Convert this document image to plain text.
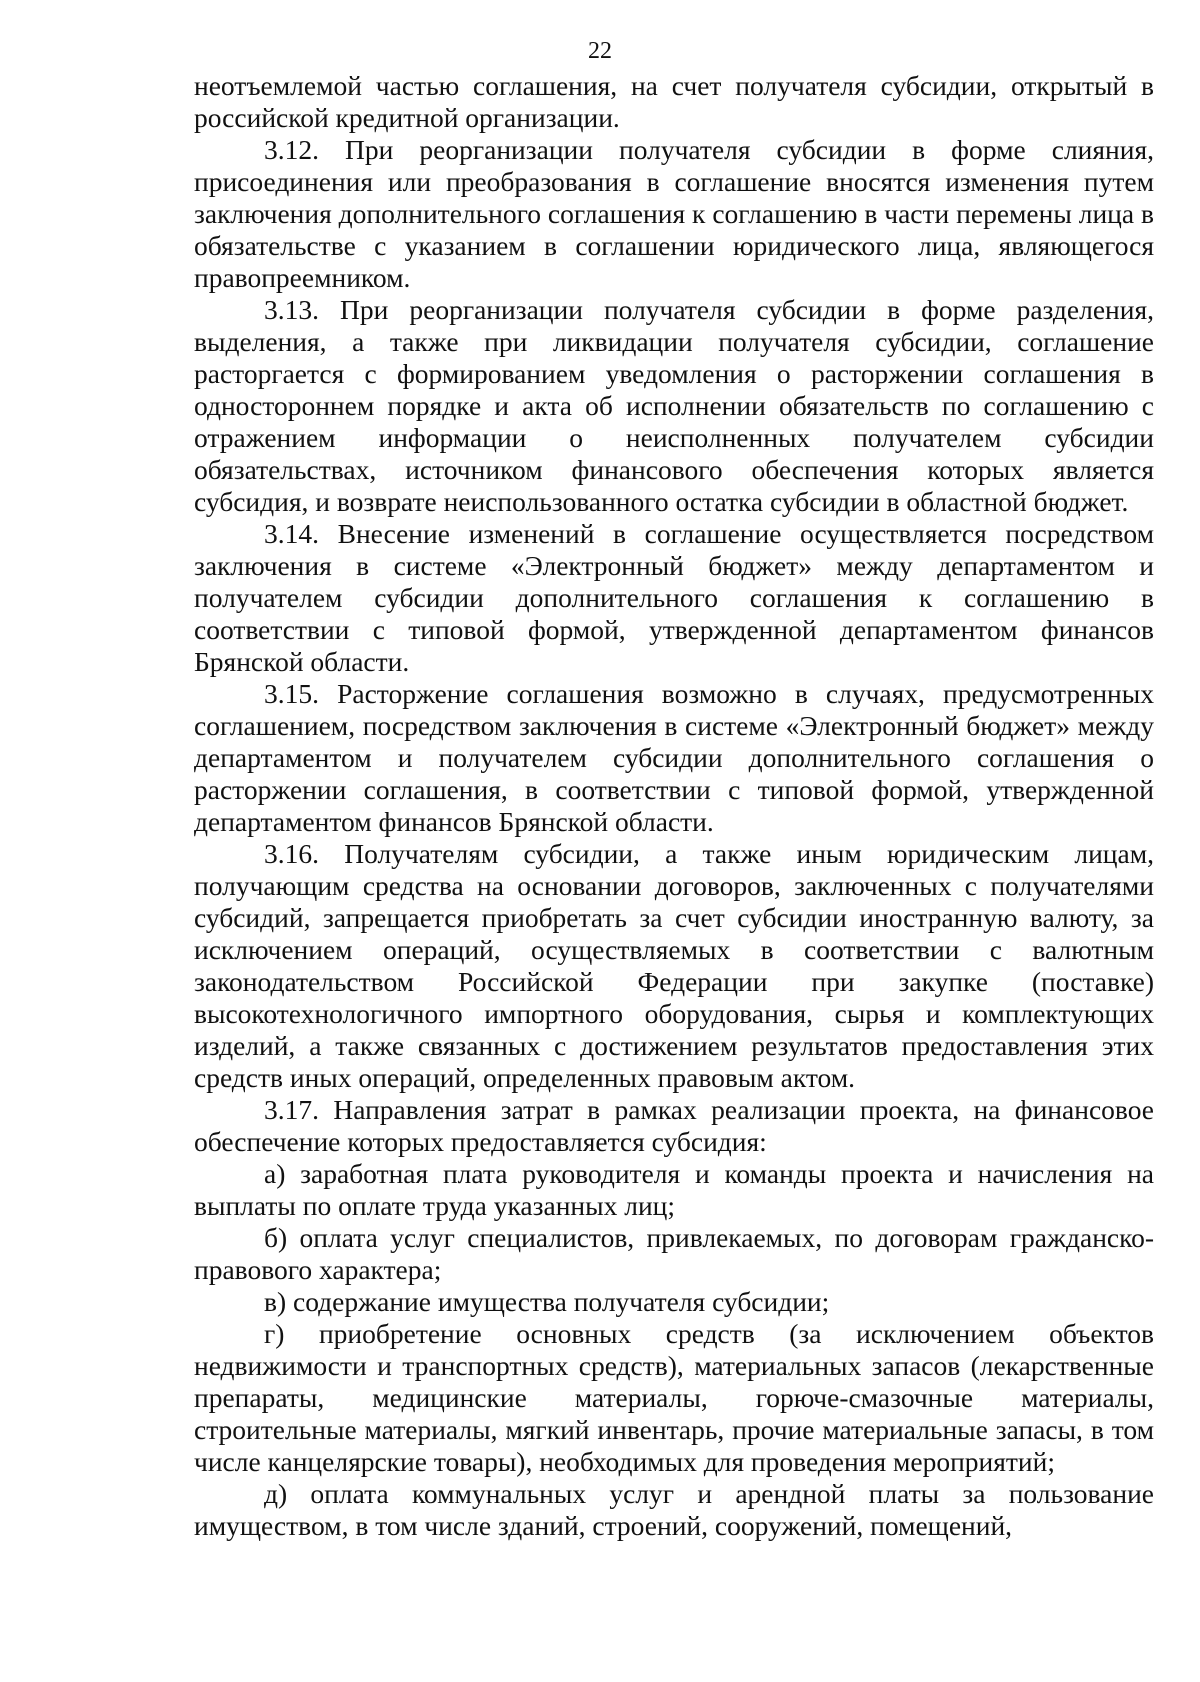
22

неотъемлемой частью соглашения, на счет получателя субсидии, открытый в российской кредитной организации.

3.12. При реорганизации получателя субсидии в форме слияния, присоединения или преобразования в соглашение вносятся изменения путем заключения дополнительного соглашения к соглашению в части перемены лица в обязательстве с указанием в соглашении юридического лица, являющегося правопреемником.

3.13. При реорганизации получателя субсидии в форме разделения, выделения, а также при ликвидации получателя субсидии, соглашение расторгается с формированием уведомления о расторжении соглашения в одностороннем порядке и акта об исполнении обязательств по соглашению с отражением информации о неисполненных получателем субсидии обязательствах, источником финансового обеспечения которых является субсидия, и возврате неиспользованного остатка субсидии в областной бюджет.

3.14. Внесение изменений в соглашение осуществляется посредством заключения в системе «Электронный бюджет» между департаментом и получателем субсидии дополнительного соглашения к соглашению в соответствии с типовой формой, утвержденной департаментом финансов Брянской области.

3.15. Расторжение соглашения возможно в случаях, предусмотренных соглашением, посредством заключения в системе «Электронный бюджет» между департаментом и получателем субсидии дополнительного соглашения о расторжении соглашения, в соответствии с типовой формой, утвержденной департаментом финансов Брянской области.

3.16. Получателям субсидии, а также иным юридическим лицам, получающим средства на основании договоров, заключенных с получателями субсидий, запрещается приобретать за счет субсидии иностранную валюту, за исключением операций, осуществляемых в соответствии с валютным законодательством Российской Федерации при закупке (поставке) высокотехнологичного импортного оборудования, сырья и комплектующих изделий, а также связанных с достижением результатов предоставления этих средств иных операций, определенных правовым актом.

3.17. Направления затрат в рамках реализации проекта, на финансовое обеспечение которых предоставляется субсидия:

а) заработная плата руководителя и команды проекта и начисления на выплаты по оплате труда указанных лиц;

б) оплата услуг специалистов, привлекаемых, по договорам гражданско-правового характера;

в) содержание имущества получателя субсидии;

г) приобретение основных средств (за исключением объектов недвижимости и транспортных средств), материальных запасов (лекарственные препараты, медицинские материалы, горюче-смазочные материалы, строительные материалы, мягкий инвентарь, прочие материальные запасы, в том числе канцелярские товары), необходимых для проведения мероприятий;

д) оплата коммунальных услуг и арендной платы за пользование имуществом, в том числе зданий, строений, сооружений, помещений,
